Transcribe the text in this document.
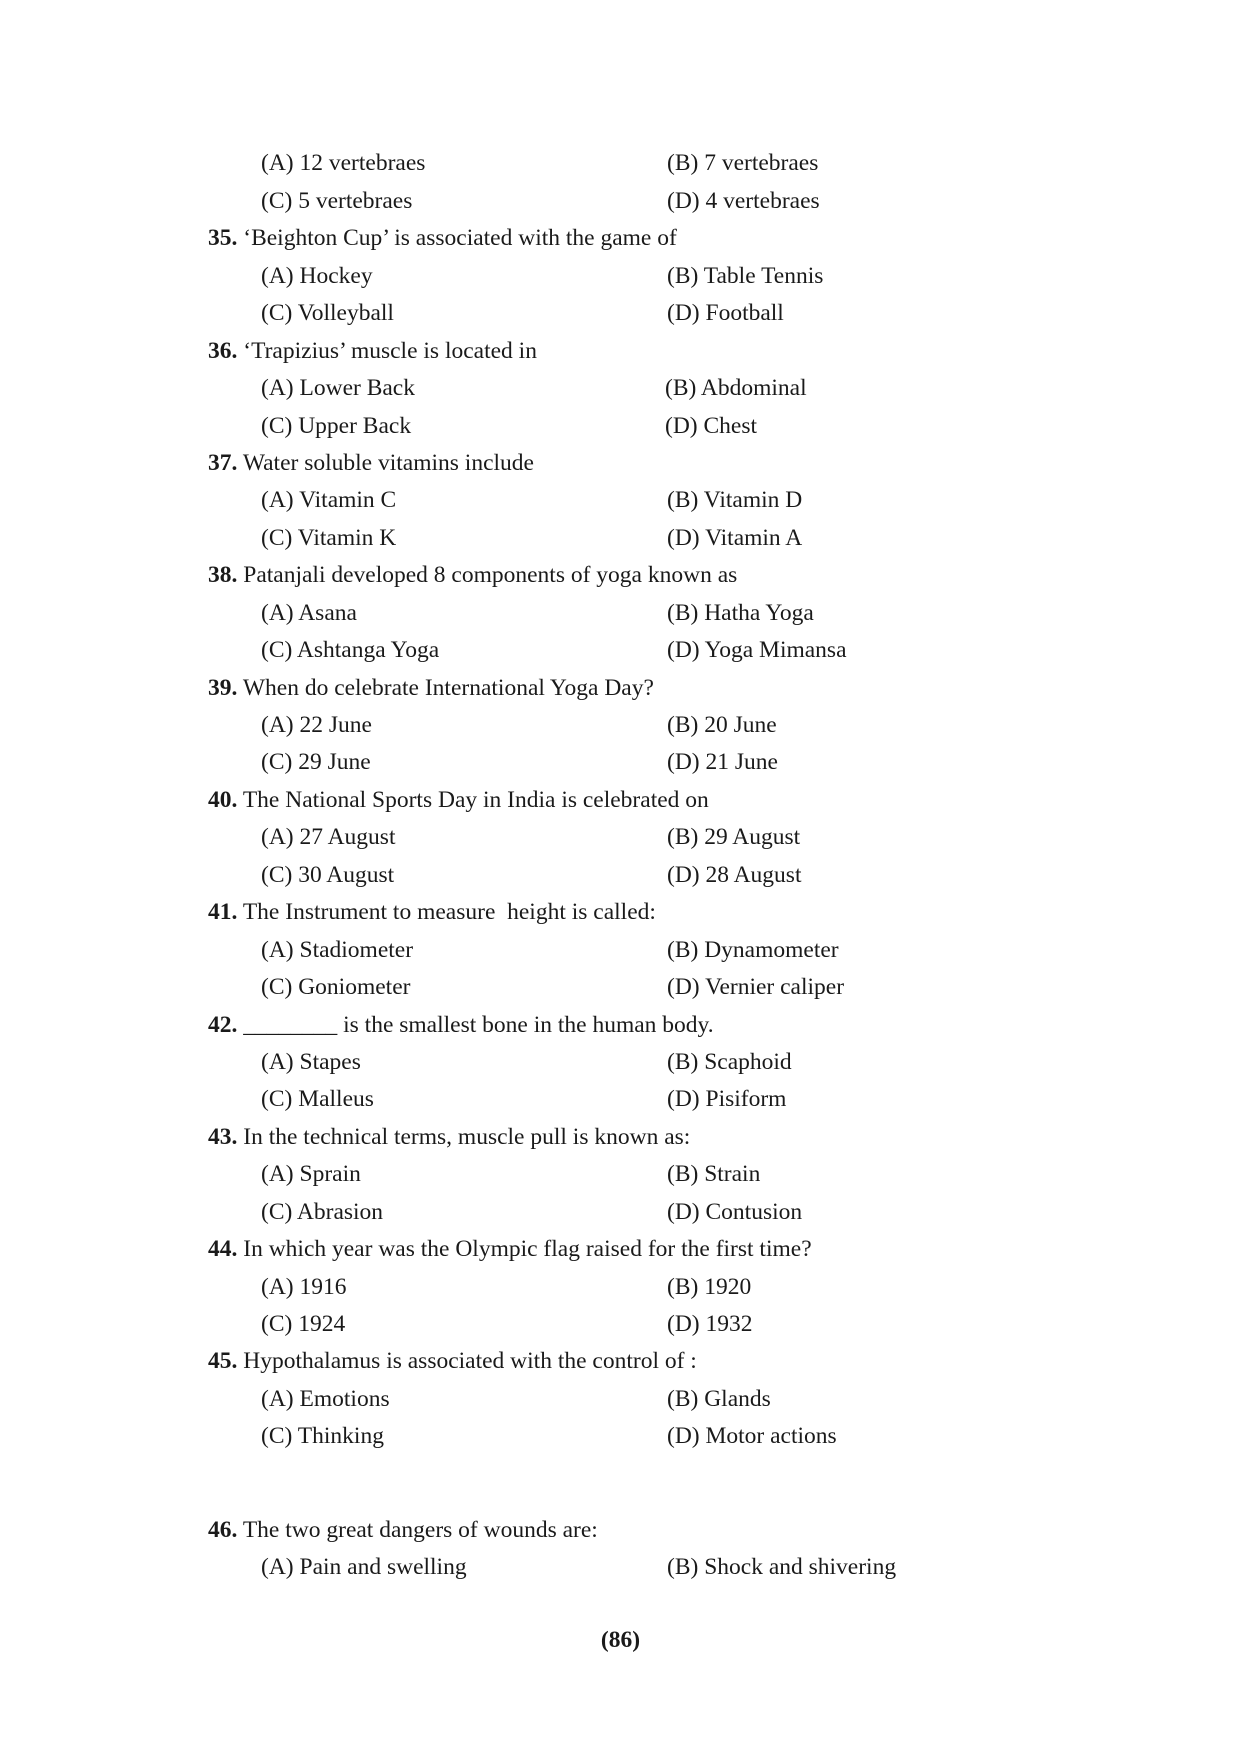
(A) 12 vertebraes	(B) 7 vertebraes
(C) 5 vertebraes	(D) 4 vertebraes
35. ‘Beighton Cup’ is associated with the game of
(A) Hockey	(B) Table Tennis
(C) Volleyball	(D) Football
36. ‘Trapizius’ muscle is located in
(A) Lower Back	(B) Abdominal
(C) Upper Back	(D) Chest
37. Water soluble vitamins include
(A) Vitamin C	(B) Vitamin D
(C) Vitamin K	(D) Vitamin A
38. Patanjali developed 8 components of yoga known as
(A) Asana	(B) Hatha Yoga
(C) Ashtanga Yoga	(D) Yoga Mimansa
39. When do celebrate International Yoga Day?
(A) 22 June	(B) 20 June
(C) 29 June	(D) 21 June
40. The National Sports Day in India is celebrated on
(A) 27 August	(B) 29 August
(C) 30 August	(D) 28 August
41. The Instrument to measure  height is called:
(A) Stadiometer	(B) Dynamometer
(C) Goniometer	(D) Vernier caliper
42. ________ is the smallest bone in the human body.
(A) Stapes	(B) Scaphoid
(C) Malleus	(D) Pisiform
43. In the technical terms, muscle pull is known as:
(A) Sprain	(B) Strain
(C) Abrasion	(D) Contusion
44. In which year was the Olympic flag raised for the first time?
(A) 1916	(B) 1920
(C) 1924	(D) 1932
45. Hypothalamus is associated with the control of :
(A) Emotions	(B) Glands
(C) Thinking	(D) Motor actions
46. The two great dangers of wounds are:
(A) Pain and swelling	(B) Shock and shivering
(86)
